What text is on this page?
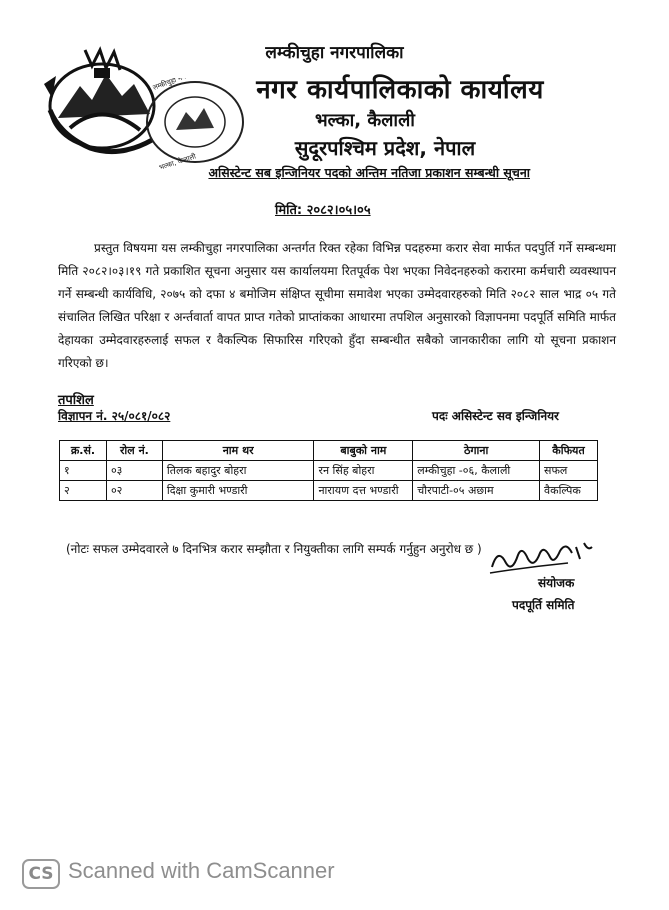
लम्कीचुहा नगरपालिका
भल्का, कैलाली
लम्कीचुहा नगरपालिका
नगर कार्यपालिकाको कार्यालय
भल्का, कैलाली
सुदूरपश्चिम प्रदेश, नेपाल
असिस्टेन्ट सब इन्जिनियर पदको अन्तिम नतिजा प्रकाशन सम्बन्धी सूचना
मिति: २०८२।०५।०५
प्रस्तुत विषयमा यस लम्कीचुहा नगरपालिका अन्तर्गत रिक्त रहेका विभिन्न पदहरुमा करार सेवा मार्फत पदपुर्ति गर्ने सम्बन्धमा मिति २०८२।०३।१९ गते प्रकाशित सूचना अनुसार यस कार्यालयमा रितपूर्वक पेश भएका निवेदनहरुको करारमा कर्मचारी व्यवस्थापन गर्ने सम्बन्धी कार्यविधि, २०७५ को दफा ४ बमोजिम संक्षिप्त सूचीमा समावेश भएका उम्मेदवारहरुको मिति २०८२ साल भाद्र ०५ गते संचालित लिखित परिक्षा र अर्न्तवार्ता वापत प्राप्त गतेको प्राप्तांकका आधारमा तपशिल अनुसारको विज्ञापनमा पदपूर्ति समिति मार्फत देहायका उम्मेदवारहरुलाई सफल र वैकल्पिक सिफारिस गरिएको हुँदा सम्बन्धीत सबैको जानकारीका लागि यो सूचना प्रकाशन गरिएको छ।
तपशिल
विज्ञापन नं. २५/०८१/०८२	पदः असिस्टेन्ट सव इन्जिनियर
क्र.सं.	रोल नं.	नाम थर	बाबुको नाम	ठेगाना	कैफियत
१	०३	तिलक बहादुर बोहरा	रन सिंह बोहरा	लम्कीचुहा -०६, कैलाली	सफल
२	०२	दिक्षा कुमारी भण्डारी	नारायण दत्त भण्डारी	चौरपाटी-०५ अछाम	वैकल्पिक
(नोटः सफल उम्मेदवारले ७ दिनभित्र करार सम्झौता र नियुक्तीका लागि सम्पर्क गर्नुहुन अनुरोध छ )
संयोजक
पदपूर्ति समिति
CS Scanned with CamScanner
